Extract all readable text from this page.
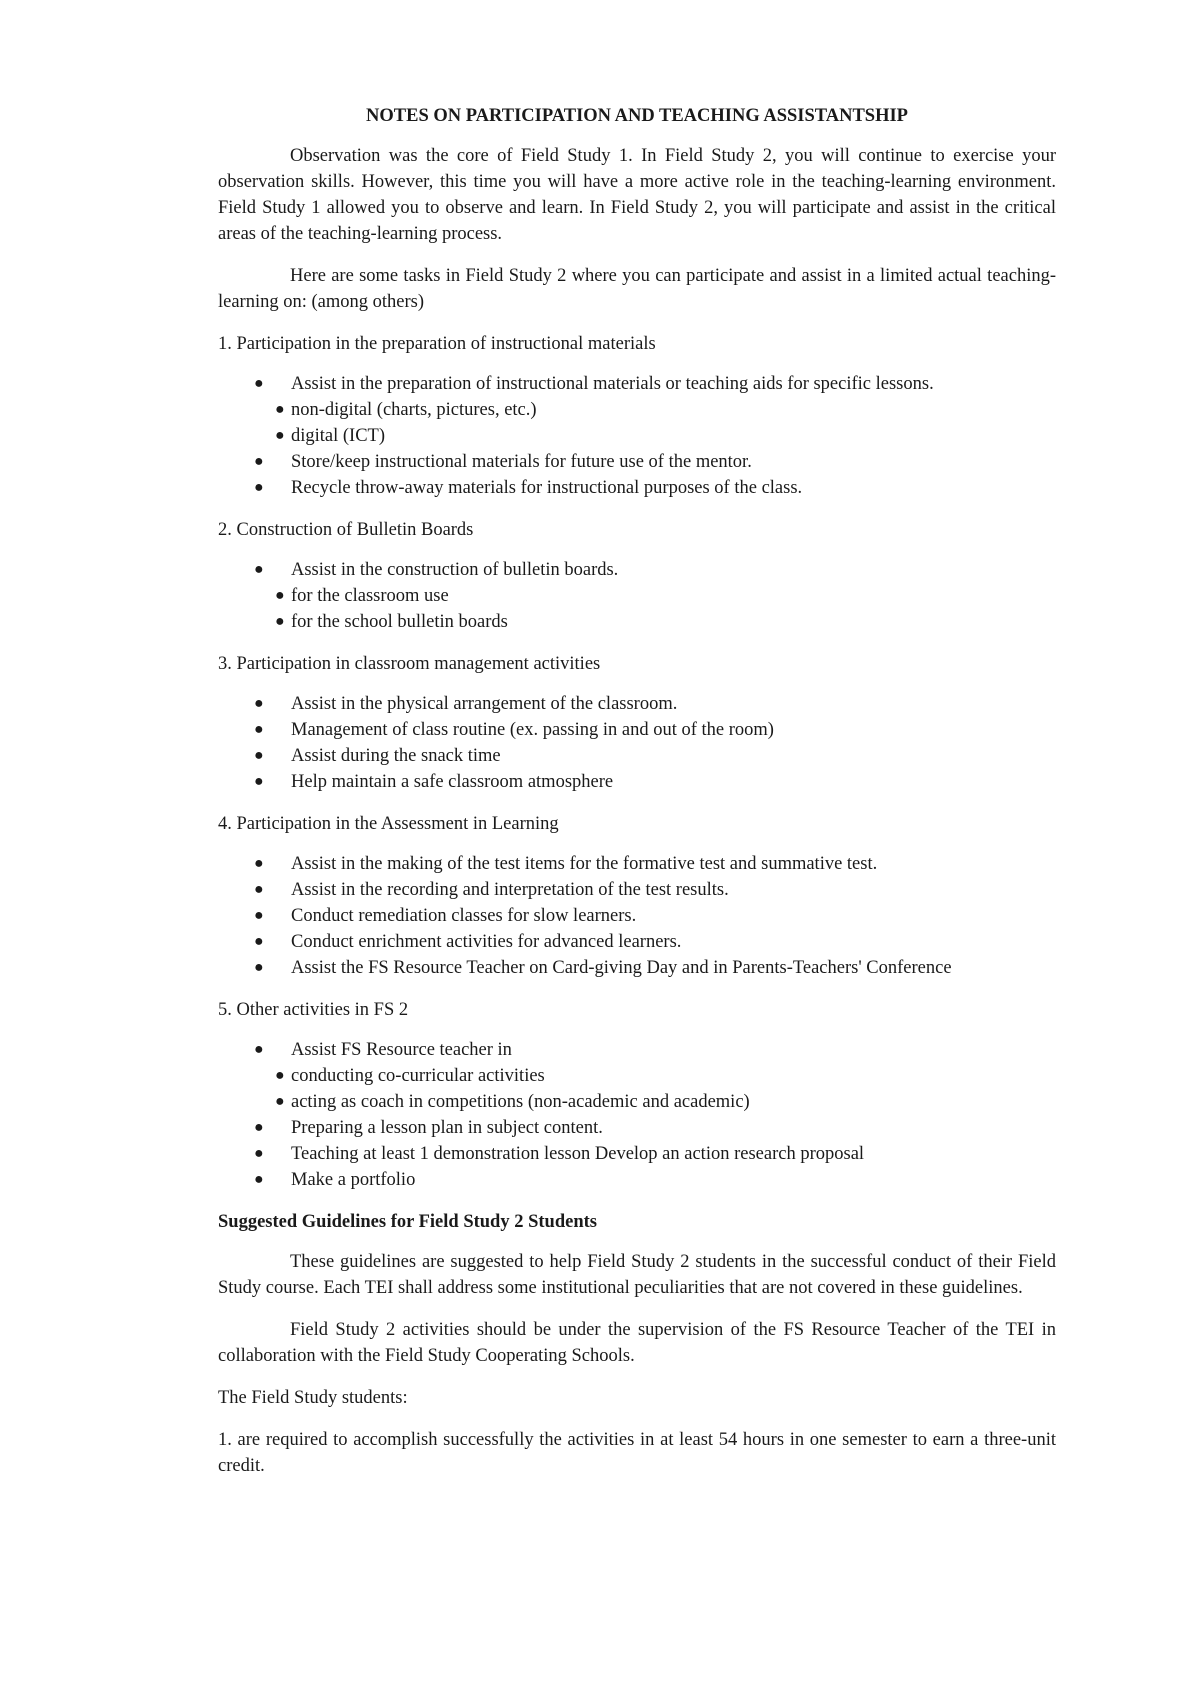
NOTES ON PARTICIPATION AND TEACHING ASSISTANTSHIP

Observation was the core of Field Study 1. In Field Study 2, you will continue to exercise your observation skills. However, this time you will have a more active role in the teaching-learning environment. Field Study 1 allowed you to observe and learn. In Field Study 2, you will participate and assist in the critical areas of the teaching-learning process.

Here are some tasks in Field Study 2 where you can participate and assist in a limited actual teaching-learning on: (among others)

1. Participation in the preparation of instructional materials

● Assist in the preparation of instructional materials or teaching aids for specific lessons.
● non-digital (charts, pictures, etc.)
● digital (ICT)
● Store/keep instructional materials for future use of the mentor.
● Recycle throw-away materials for instructional purposes of the class.

2. Construction of Bulletin Boards

● Assist in the construction of bulletin boards.
● for the classroom use
● for the school bulletin boards

3. Participation in classroom management activities

● Assist in the physical arrangement of the classroom.
● Management of class routine (ex. passing in and out of the room)
● Assist during the snack time
● Help maintain a safe classroom atmosphere

4. Participation in the Assessment in Learning

● Assist in the making of the test items for the formative test and summative test.
● Assist in the recording and interpretation of the test results.
● Conduct remediation classes for slow learners.
● Conduct enrichment activities for advanced learners.
● Assist the FS Resource Teacher on Card-giving Day and in Parents-Teachers' Conference

5. Other activities in FS 2

● Assist FS Resource teacher in
● conducting co-curricular activities
● acting as coach in competitions (non-academic and academic)
● Preparing a lesson plan in subject content.
● Teaching at least 1 demonstration lesson Develop an action research proposal
● Make a portfolio

Suggested Guidelines for Field Study 2 Students

These guidelines are suggested to help Field Study 2 students in the successful conduct of their Field Study course. Each TEI shall address some institutional peculiarities that are not covered in these guidelines.

Field Study 2 activities should be under the supervision of the FS Resource Teacher of the TEI in collaboration with the Field Study Cooperating Schools.

The Field Study students:

1. are required to accomplish successfully the activities in at least 54 hours in one semester to earn a three-unit credit.
